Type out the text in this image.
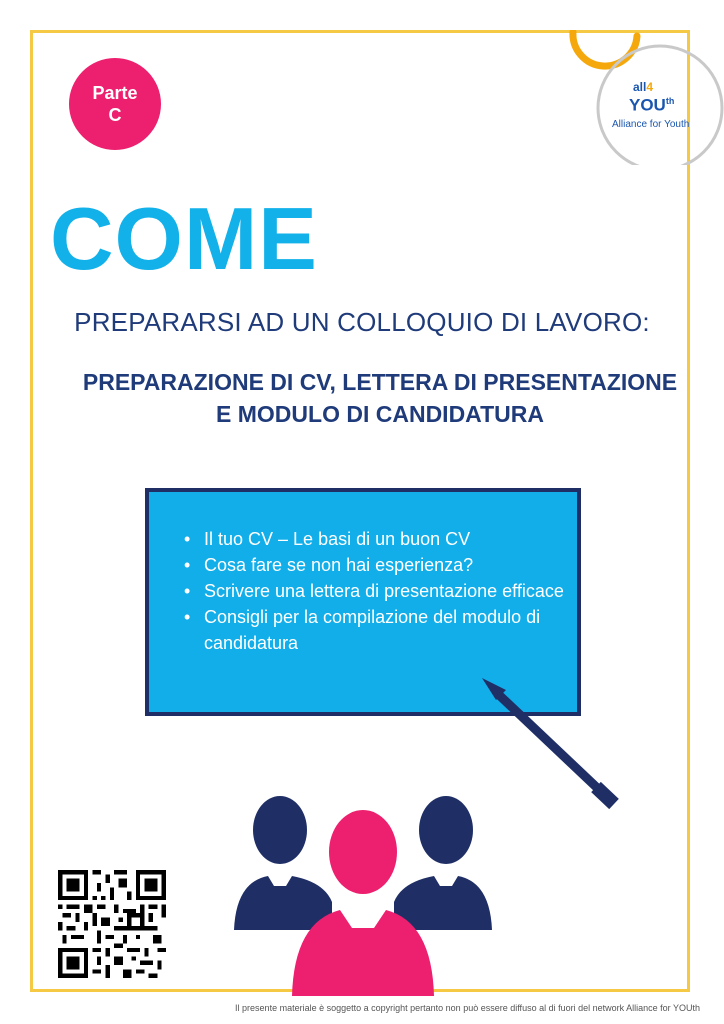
Parte
C
all4
$YOU^{th}$
Alliance for Youth
COME
PREPARARSI AD UN COLLOQUIO DI LAVORO:
PREPARAZIONE DI CV, LETTERA DI PRESENTAZIONE
E MODULO DI CANDIDATURA
• Il tuo CV – Le basi di un buon CV
• Cosa fare se non hai esperienza?
• Scrivere una lettera di presentazione efficace
• Consigli per la compilazione del modulo di candidatura
Il presente materiale è soggetto a copyright pertanto non può essere diffuso al di fuori del network Alliance for YOUth
